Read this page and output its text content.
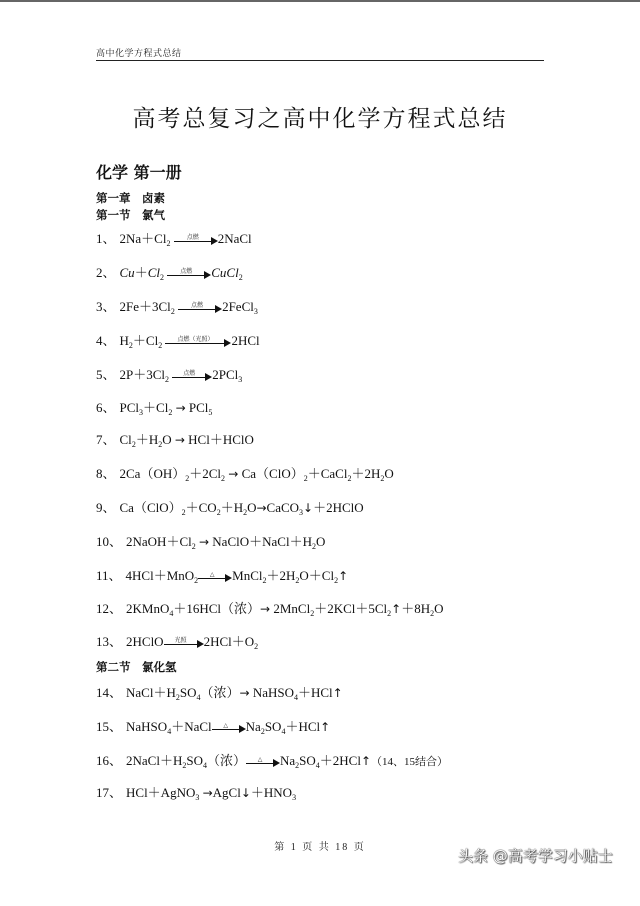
高中化学方程式总结
高考总复习之高中化学方程式总结
化学 第一册
第一章　卤素
第一节　氯气
1、 $2Na+Cl_2$
点燃	2NaCl
2、 $Cu+Cl_2$
点燃	CuCl$_2$
3、 $2Fe+3Cl_2$
点燃	2FeCl$_3$
4、 $H_2+Cl_2$
点燃（光照）	2HCl
5、 $2P+3Cl_2$
点燃	2PCl$_3$
6、 $PCl_3+Cl_2 \to PCl_5$
7、 $Cl_2+H_2O$ → HCl＋HClO
8、 $2Ca(OH)_2+2Cl_2$ → $Ca(ClO)_2+CaCl_2+2H_2O$
9、 $Ca(ClO)_2+CO_2+H_2O\to CaCO_3↓+2HClO$
10、 $2NaOH+Cl_2$ → $NaClO+NaCl+H_2O$
11、 4HCl＋MnO$_2$
△	$MnCl_2+2H_2O+Cl_2↑$
12、 2KMnO$_4$＋16HCl（浓）→ $2MnCl_2+2KCl+5Cl_2↑+8H_2O$
13、 2HClO	光照	$2HCl+O_2$
第二节　氯化氢
14、 $NaCl+H_2SO_4$（浓）→ NaHSO$_4$＋HCl↑
15、 NaHSO$_4$＋NaCl	△	$Na_2SO_4+HCl↑$
16、 $2NaCl+H_2SO_4$（浓）	△	$Na_2SO_4+2HCl↑(14$、15结合）
17、 HCl＋AgNO$_3$ $\to AgCl↓+HNO_3$
第 1 页 共 18 页	头条 @高考学习小贴士
